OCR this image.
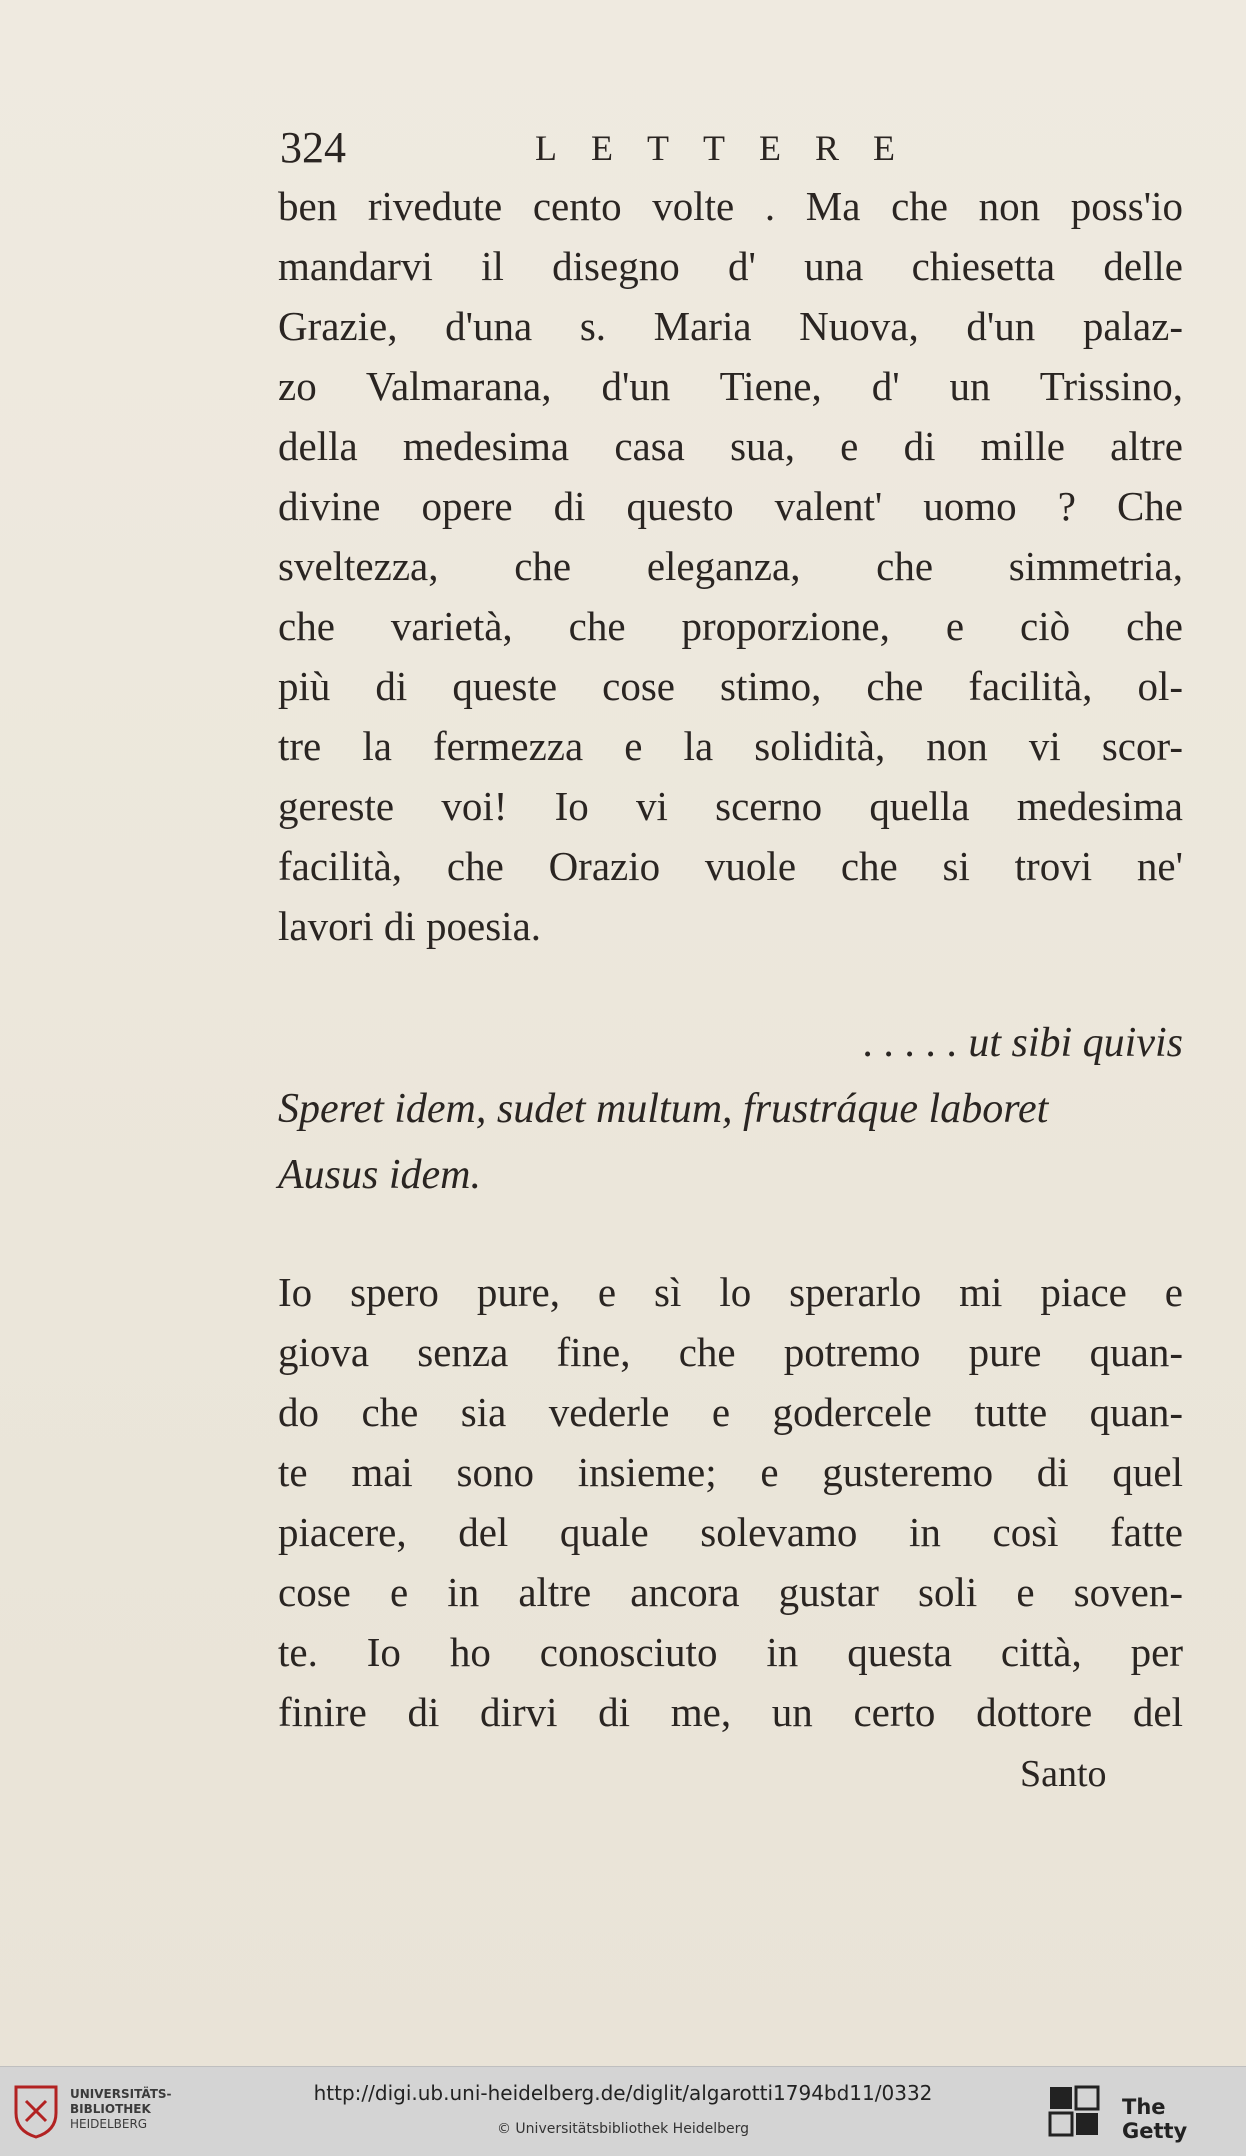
324	LETTERE
ben rivedute cento volte . Ma che non poss'io
mandarvi il disegno d' una chiesetta delle
Grazie, d'una s. Maria Nuova, d'un palaz-
zo Valmarana, d'un Tiene, d' un Trissino,
della medesima casa sua, e di mille altre
divine opere di questo valent' uomo ? Che
sveltezza, che eleganza, che simmetria,
che varietà, che proporzione, e ciò che
più di queste cose stimo, che facilità, ol-
tre la fermezza e la solidità, non vi scor-
gereste voi! Io vi scerno quella medesima
facilità, che Orazio vuole che si trovi ne'
lavori di poesia.
. . . . . ut sibi quivis
Speret idem, sudet multum, frustráque laboret
Ausus idem.
Io spero pure, e sì lo sperarlo mi piace e
giova senza fine, che potremo pure quan-
do che sia vederle e godercele tutte quan-
te mai sono insieme; e gusteremo di quel
piacere, del quale solevamo in così fatte
cose e in altre ancora gustar soli e soven-
te. Io ho conosciuto in questa città, per
finire di dirvi di me, un certo dottore del
Santo
UNIVERSITÄTS-
BIBLIOTHEK
HEIDELBERG
http://digi.ub.uni-heidelberg.de/diglit/algarotti1794bd11/0332
© Universitätsbibliothek Heidelberg
The Getty
